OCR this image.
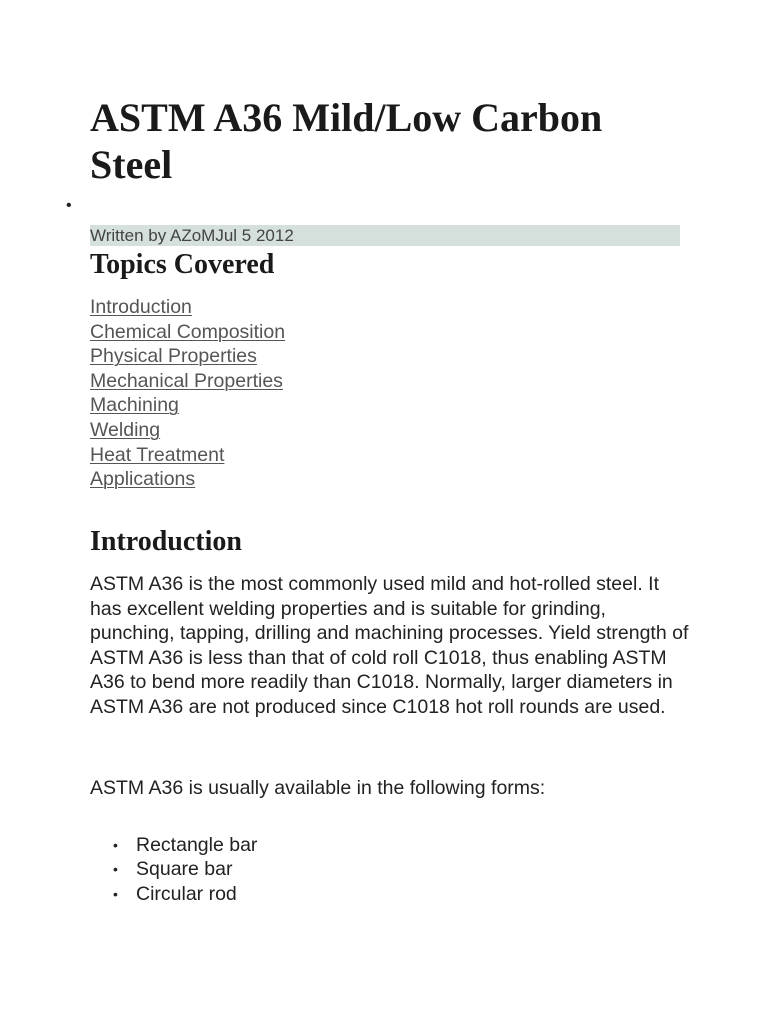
•
ASTM A36 Mild/Low Carbon Steel
Written by AZoMJul 5 2012
Topics Covered
Introduction
Chemical Composition
Physical Properties
Mechanical Properties
Machining
Welding
Heat Treatment
Applications
Introduction

ASTM A36 is the most commonly used mild and hot-rolled steel. It has excellent welding properties and is suitable for grinding, punching, tapping, drilling and machining processes. Yield strength of ASTM A36 is less than that of cold roll C1018, thus enabling ASTM A36 to bend more readily than C1018. Normally, larger diameters in ASTM A36 are not produced since C1018 hot roll rounds are used.

ASTM A36 is usually available in the following forms:

• Rectangle bar
• Square bar
• Circular rod
